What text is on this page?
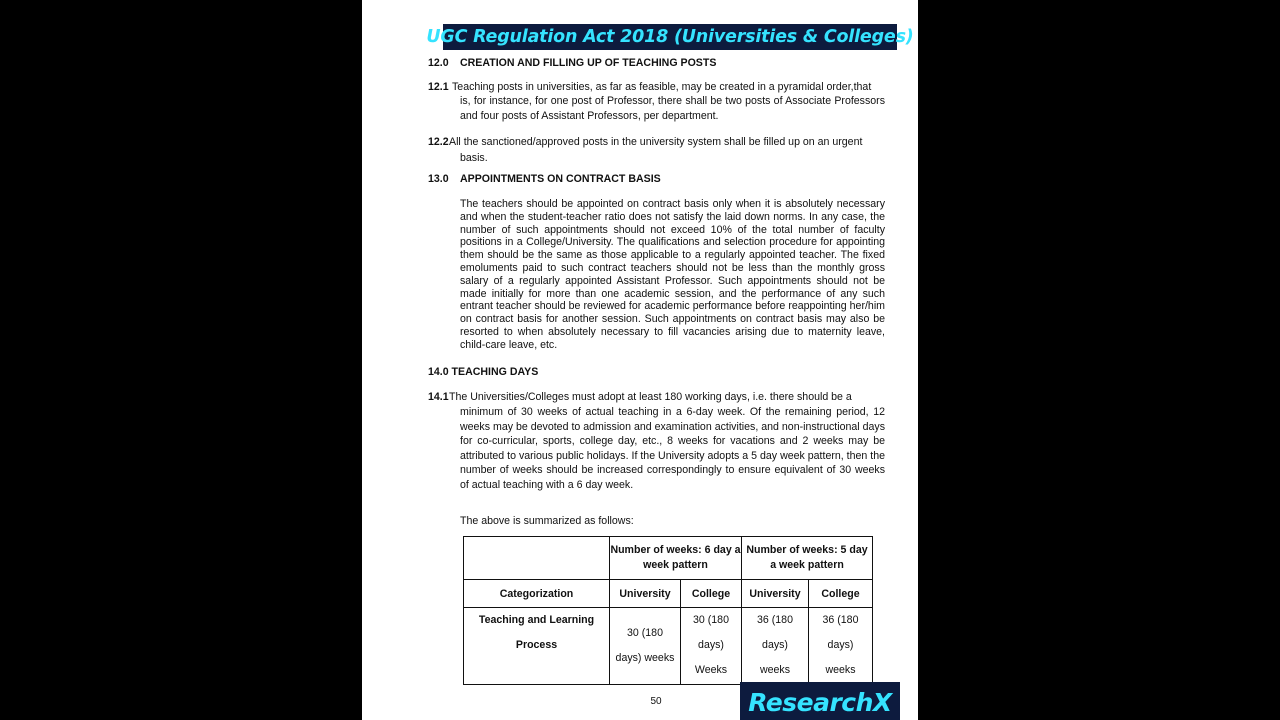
UGC Regulation Act 2018 (Universities & Colleges)
12.0 CREATION AND FILLING UP OF TEACHING POSTS
12.1 Teaching posts in universities, as far as feasible, may be created in a pyramidal order,that

is, for instance, for one post of Professor, there shall be two posts of Associate Professors and four posts of Assistant Professors, per department.

12.2 All the sanctioned/approved posts in the university system shall be filled up on an urgent

basis.

13.0 APPOINTMENTS ON CONTRACT BASIS

The teachers should be appointed on contract basis only when it is absolutely necessary and when the student-teacher ratio does not satisfy the laid down norms. In any case, the number of such appointments should not exceed 10% of the total number of faculty positions in a College/University. The qualifications and selection procedure for appointing them should be the same as those applicable to a regularly appointed teacher. The fixed emoluments paid to such contract teachers should not be less than the monthly gross salary of a regularly appointed Assistant Professor. Such appointments should not be made initially for more than one academic session, and the performance of any such entrant teacher should be reviewed for academic performance before reappointing her/him on contract basis for another session. Such appointments on contract basis may also be resorted to when absolutely necessary to fill vacancies arising due to maternity leave, child-care leave, etc.

14.0 TEACHING DAYS
14.1 The Universities/Colleges must adopt at least 180 working days, i.e. there should be a

minimum of 30 weeks of actual teaching in a 6-day week. Of the remaining period, 12 weeks may be devoted to admission and examination activities, and non-instructional days for co-curricular, sports, college day, etc., 8 weeks for vacations and 2 weeks may be attributed to various public holidays. If the University adopts a 5 day week pattern, then the number of weeks should be increased correspondingly to ensure equivalent of 30 weeks of actual teaching with a 6 day week.

The above is summarized as follows:
	Number of weeks: 6 day a week pattern		Number of weeks: 5 day a week pattern	
Categorization	University	College	University	College
Teaching and Learning Process	30 (180 days) weeks	30 (180 days) Weeks	36 (180 days) weeks	36 (180 days) weeks
50	ResearchX
